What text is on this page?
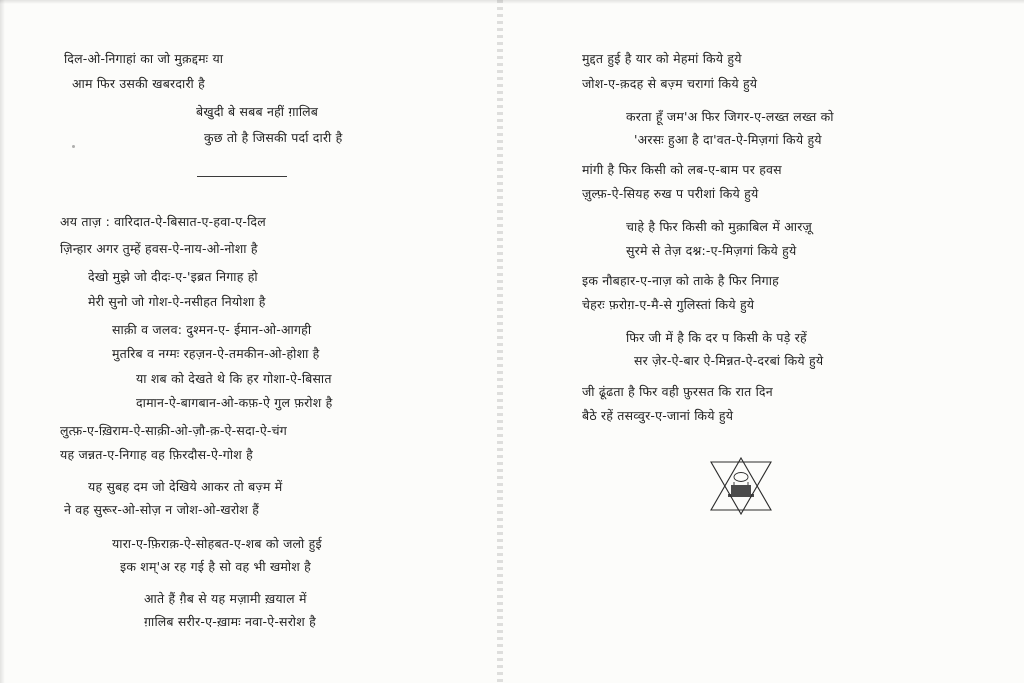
दिल-ओ-निगाहां का जो मुक़द्दमः या
आम फिर उसकी खबरदारी है
बेखुदी बे सबब नहीं ग़ालिब
कुछ तो है जिसकी पर्दा दारी है
अय ताज़ : वारिदात-ऐ-बिसात-ए-हवा-ए-दिल
ज़िन्हार अगर तुम्हें हवस-ऐ-नाय-ओ-नोशा है
देखो मुझे जो दीदः-ए-'इब्रत निगाह हो
मेरी सुनो जो गोश-ऐ-नसीहत नियोशा है
साक़ी व जलव: दुश्मन-ए- ईमान-ओ-आगही
मुतरिब व नग्मः रहज़न-ऐ-तमकीन-ओ-होशा है
या शब को देखते थे कि हर गोशा-ऐ-बिसात
दामान-ऐ-बागबान-ओ-कफ़-ऐ गुल फ़रोश है
लुत्फ़-ए-ख़िराम-ऐ-साक़ी-ओ-ज़ौ-क़-ऐ-सदा-ऐ-चंग
यह जन्नत-ए-निगाह वह फ़िरदौस-ऐ-गोश है
यह सुबह दम जो देखिये आकर तो बज़्म में
ने वह सुरूर-ओ-सोज़ न जोश-ओ-खरोश हैं
यारा-ए-फ़िराक़-ऐ-सोहबत-ए-शब को जलो हुई
इक शम्'अ रह गई है सो वह भी खमोश है
आते हैं ग़ैब से यह मज़ामी ख़याल में
ग़ालिब सरीर-ए-ख़ामः नवा-ऐ-सरोश है
मुद्दत हुई है यार को मेहमां किये हुये
जोश-ए-क़दह से बज़्म चरागां किये हुये
करता हूँ जम'अ फिर जिगर-ए-लख्त लख्त को
'अरसः हुआ है दा'वत-ऐ-मिज़गां किये हुये
मांगी है फिर किसी को लब-ए-बाम पर हवस
ज़ुल्फ़-ऐ-सियह रुख प परीशां किये हुये
चाहे है फिर किसी को मुक़ाबिल में आरज़ू
सुरमे से तेज़ दश्न:-ए-मिज़गां किये हुये
इक नौबहार-ए-नाज़ को ताके है फिर निगाह
चेहरः फ़रोग़-ए-मै-से गुलिस्तां किये हुये
फिर जी में है कि दर प किसी के पड़े रहें
सर ज़ेर-ऐ-बार ऐ-मिन्नत-ऐ-दरबां किये हुये
जी ढूंढता है फिर वही फ़ुरसत कि रात दिन
बैठे रहें तसव्वुर-ए-जानां किये हुये
